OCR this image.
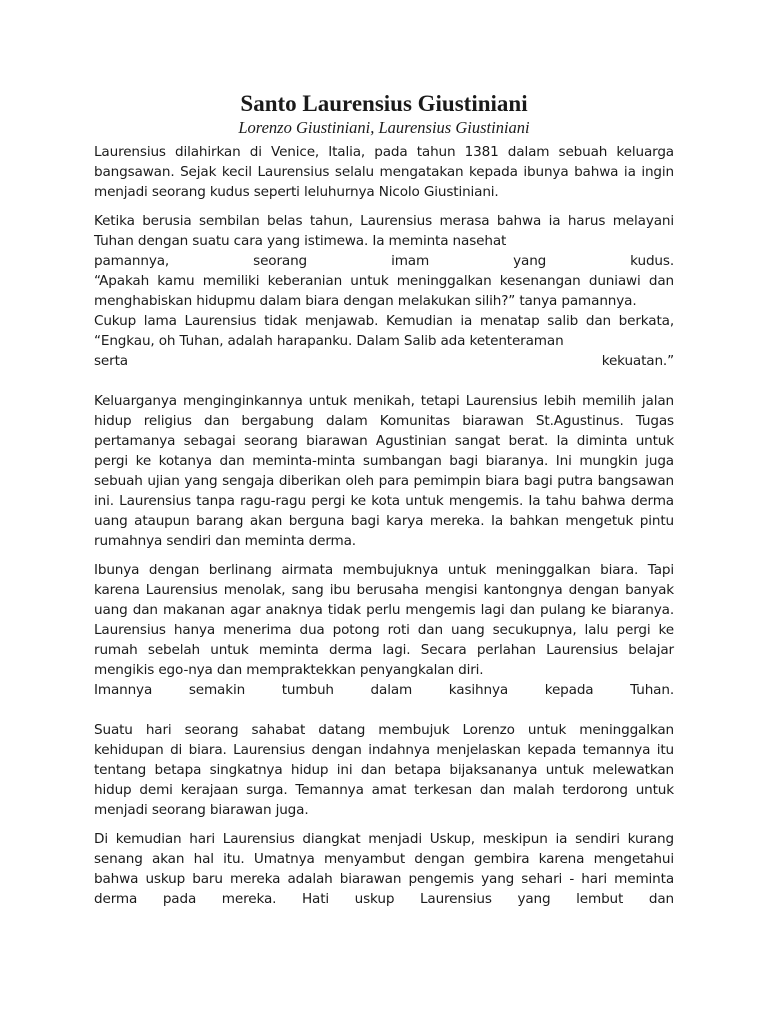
Santo Laurensius Giustiniani
Lorenzo Giustiniani, Laurensius Giustiniani

Laurensius dilahirkan di Venice, Italia, pada tahun 1381 dalam sebuah keluarga bangsawan. Sejak kecil Laurensius selalu mengatakan kepada ibunya bahwa ia ingin menjadi seorang kudus seperti leluhurnya Nicolo Giustiniani.

Ketika berusia sembilan belas tahun, Laurensius merasa bahwa ia harus melayani Tuhan dengan suatu cara yang istimewa. Ia meminta nasehat
pamannya, seorang imam yang kudus.
“Apakah kamu memiliki keberanian untuk meninggalkan kesenangan duniawi dan menghabiskan hidupmu dalam biara dengan melakukan silih?” tanya pamannya.
Cukup lama Laurensius tidak menjawab. Kemudian ia menatap salib dan berkata, “Engkau, oh Tuhan, adalah harapanku. Dalam Salib ada ketenteraman
serta kekuatan.”

Keluarganya menginginkannya untuk menikah, tetapi Laurensius lebih memilih jalan hidup religius dan bergabung dalam Komunitas biarawan St.Agustinus. Tugas pertamanya sebagai seorang biarawan Agustinian sangat berat. Ia diminta untuk pergi ke kotanya dan meminta-minta sumbangan bagi biaranya. Ini mungkin juga sebuah ujian yang sengaja diberikan oleh para pemimpin biara bagi putra bangsawan ini. Laurensius tanpa ragu-ragu pergi ke kota untuk mengemis. Ia tahu bahwa derma uang ataupun barang akan berguna bagi karya mereka. Ia bahkan mengetuk pintu rumahnya sendiri dan meminta derma.

Ibunya dengan berlinang airmata membujuknya untuk meninggalkan biara. Tapi karena Laurensius menolak, sang ibu berusaha mengisi kantongnya dengan banyak uang dan makanan agar anaknya tidak perlu mengemis lagi dan pulang ke biaranya. Laurensius hanya menerima dua potong roti dan uang secukupnya, lalu pergi ke rumah sebelah untuk meminta derma lagi. Secara perlahan Laurensius belajar mengikis ego-nya dan mempraktekkan penyangkalan diri.
Imannya semakin tumbuh dalam kasihnya kepada Tuhan.

Suatu hari seorang sahabat datang membujuk Lorenzo untuk meninggalkan kehidupan di biara. Laurensius dengan indahnya menjelaskan kepada temannya itu tentang betapa singkatnya hidup ini dan betapa bijaksananya untuk melewatkan hidup demi kerajaan surga. Temannya amat terkesan dan malah terdorong untuk menjadi seorang biarawan juga.

Di kemudian hari Laurensius diangkat menjadi Uskup, meskipun ia sendiri kurang senang akan hal itu. Umatnya menyambut dengan gembira karena mengetahui bahwa uskup baru mereka adalah biarawan pengemis yang sehari - hari meminta derma pada mereka. Hati uskup Laurensius yang lembut dan
